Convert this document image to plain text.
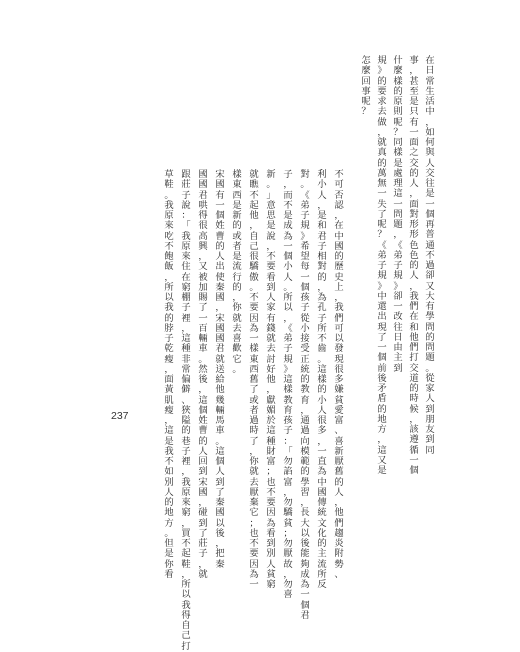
在
日
常
生
活
中
，
如
何
與
人
交
往
是
一
個
再
普
通
不
過
卻
又
大
有
學
問
的
問
題
。
從
家
人
到
朋
友
到
同
事
，
甚
至
是
只
有
一
面
之
交
的
人
，
面
對
形
形
色
色
的
人
，
我
們
在
和
他
們
打
交
道
的
時
候
，
該
遵
循
一
個
什
麼
樣
的
原
則
呢
？
同
樣
是
處
理
這
一
問
題
，
《
弟
子
規
》
卻
一
改
往
日
由
主
到
規
》
的
要
求
去
做
，
就
真
的
萬
無
一
失
了
呢
？
《
弟
子
規
》
中
還
出
現
了
一
個
前
後
矛
盾
的
地
方
，
這
又
是
怎
麼
回
事
呢
？
不
可
否
認
，
在
中
國
的
歷
史
上
，
我
們
可
以
發
現
很
多
嫌
貧
愛
富
、
喜
新
厭
舊
的
人
，
他
們
趨
炎
附
勢
、
利
小
人
，
是
和
君
子
相
對
的
，
為
孔
子
所
不
齒
。
這
樣
的
小
人
很
多
，
一
直
為
中
國
傳
統
文
化
的
主
流
所
反
對
。
《
弟
子
規
》
希
望
每
一
個
孩
子
從
小
接
受
正
統
的
教
育
，
通
過
向
模
範
的
學
習
，
長
大
以
後
能
夠
成
為
一
個
君
子
，
而
不
是
成
為
一
個
小
人
。
所
以
，
《
弟
子
規
》
這
樣
教
育
孩
子
：
「
勿
諂
富
，
勿
驕
貧
；
勿
厭
故
，
勿
喜
新
。
」
意
思
是
說
，
不
要
看
到
人
家
有
錢
就
去
討
好
他
，
獻
媚
於
這
種
財
富
；
也
不
要
因
為
看
到
別
人
貧
窮
就
瞧
不
起
他
，
自
己
很
驕
傲
。
不
要
因
為
一
樣
東
西
舊
了
或
者
過
時
了
，
你
就
去
厭
棄
它
；
也
不
要
因
為
一
樣
東
西
是
新
的
或
者
是
流
行
的
，
你
就
去
喜
歡
它
。
宋
國
有
一
個
姓
曹
的
人
出
使
秦
國
，
宋
國
國
君
就
送
給
他
幾
輛
馬
車
。
這
個
人
到
了
秦
國
以
後
，
把
秦
國
國
君
哄
得
很
高
興
，
又
被
加
賜
了
一
百
輛
車
。
然
後
，
這
個
姓
曹
的
人
回
到
宋
國
，
碰
到
了
莊
子
，
就
跟
莊
子
說
：
「
我
原
來
住
在
窮
棚
子
裡
，
這
種
非
常
偏
僻
、
狹
隘
的
巷
子
裡
，
我
原
來
窮
，
買
不
起
鞋
，
所
以
我
得
自
己
打
草
鞋
。
我
原
來
吃
不
飽
飯
，
所
以
我
的
脖
子
乾
瘦
，
面
黃
肌
瘦
，
這
是
我
不
如
別
人
的
地
方
。
但
是
你
看
237
